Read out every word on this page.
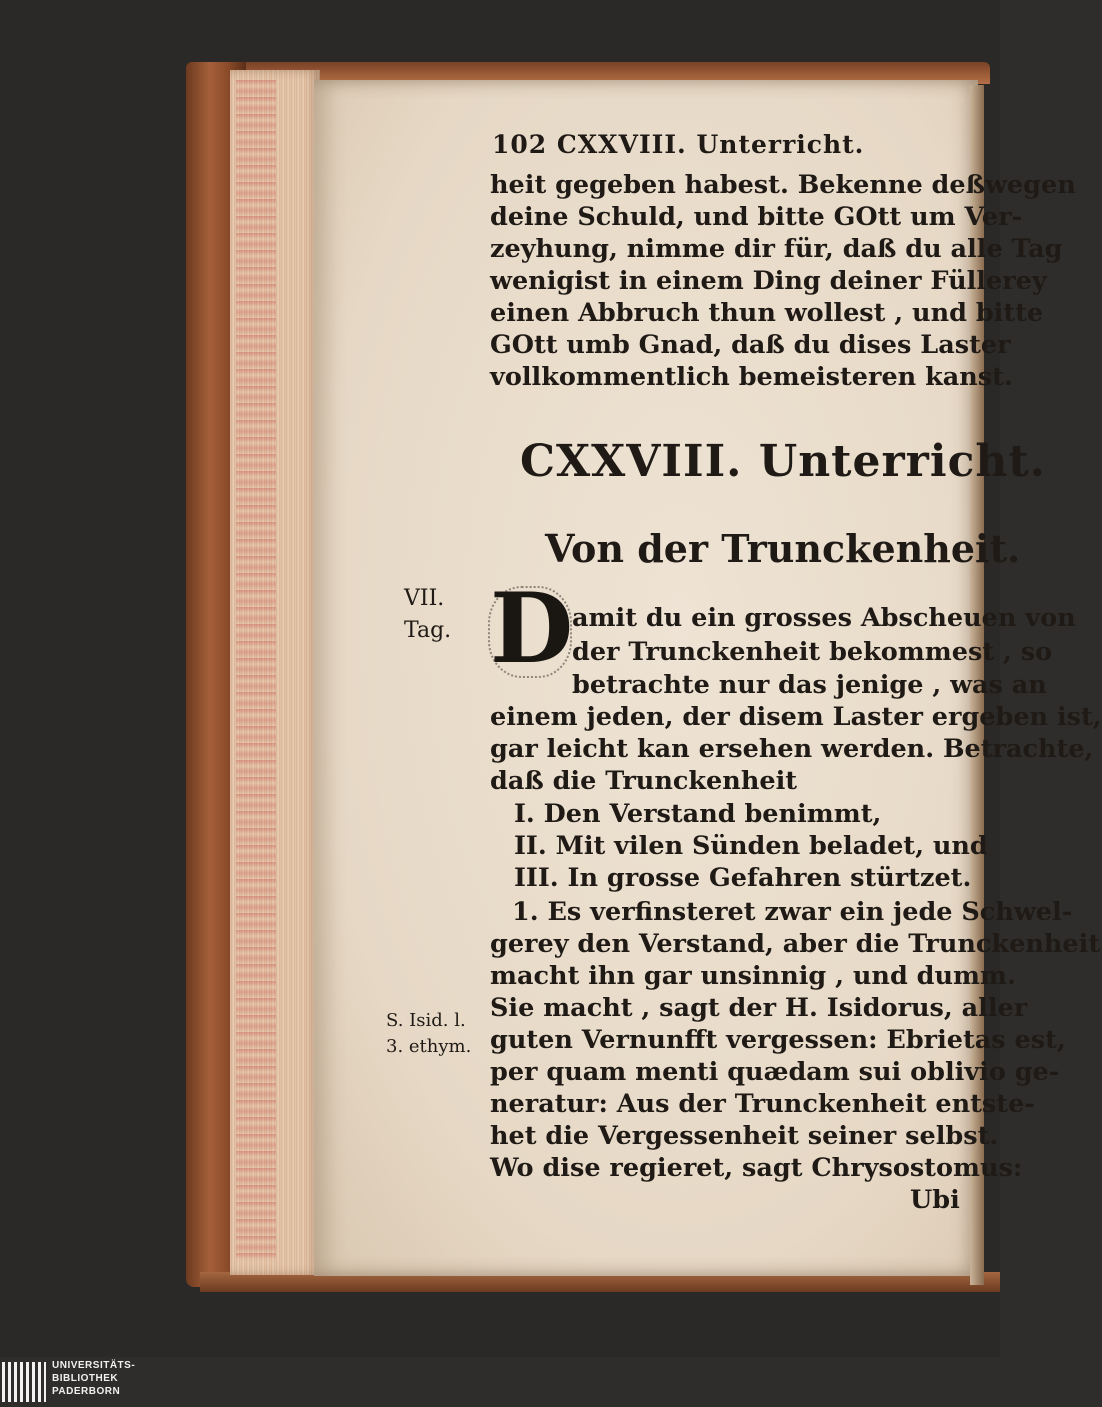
102 CXXVIII. Unterricht.
heit gegeben habest. Bekenne deßwegen
deine Schuld, und bitte GOtt um Ver-
zeyhung, nimme dir für, daß du alle Tag
wenigist in einem Ding deiner Füllerey
einen Abbruch thun wollest , und bitte
GOtt umb Gnad, daß du dises Laster
vollkommentlich bemeisteren kanst.
CXXVIII. Unterricht.
Von der Trunckenheit.
VII.
Tag. D
amit du ein grosses Abscheuen von
der Trunckenheit bekommest , so
betrachte nur das jenige , was an
einem jeden, der disem Laster ergeben ist,
gar leicht kan ersehen werden. Betrachte,
daß die Trunckenheit
I. Den Verstand benimmt,
II. Mit vilen Sünden beladet, und
III. In grosse Gefahren stürtzet.
1. Es verfinsteret zwar ein jede Schwel-
gerey den Verstand, aber die Trunckenheit
macht ihn gar unsinnig , und dumm.
Sie macht , sagt der H. Isidorus, aller
guten Vernunfft vergessen: Ebrietas est,
per quam menti quædam sui oblivio ge-
neratur: Aus der Trunckenheit entste-
het die Vergessenheit seiner selbst.
Wo dise regieret, sagt Chrysostomus:
Ubi
S. Isid. l.
3. ethym.
UNIVERSITÄTS-
BIBLIOTHEK
PADERBORN
